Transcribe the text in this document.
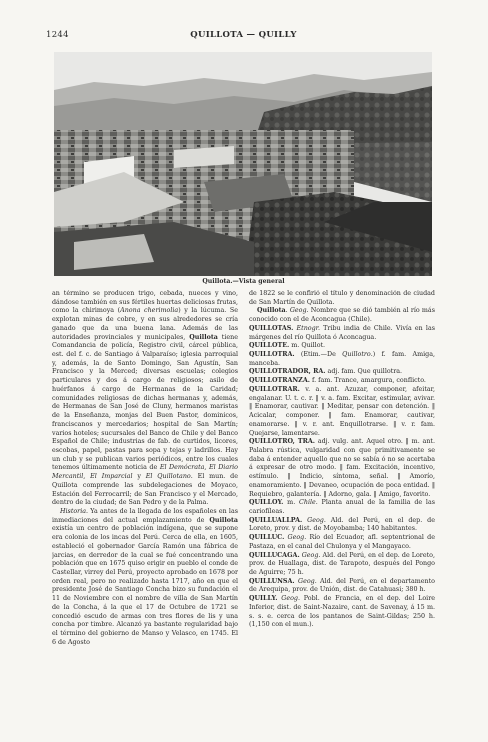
1244	QUILLOTA — QUILLY
Quillota.—Vista general

an término se producen trigo, cebada, nueces y vino, dándose también en sus fértiles huertas deliciosas frutas, como la chirimoya (Anona cherimolia) y la lúcuma. Se explotan minas de cobre, y en sus alrededores se cría ganado que da una buena lana. Además de las autoridades provinciales y municipales, Quillota tiene Comandancia de policía, Registro civil, cárcel pública, est. del f. c. de Santiago á Valparaíso; iglesia parroquial y, además, la de Santo Domingo, San Agustín, San Francisco y la Merced; diversas escuelas; colegios particulares y dos á cargo de religiosos; asilo de huérfanos á cargo de Hermanas de la Caridad; comunidades religiosas de dichas hermanas y, además, de Hermanas de San José de Cluny, hermanos maristas de la Enseñanza, monjas del Buen Pastor, dominicos, franciscanos y mercedarios; hospital de San Martín; varios hoteles; sucursales del Banco de Chile y del Banco Español de Chile; industrias de fab. de curtidos, licores, escobas, papel, pastas para sopa y tejas y ladrillos. Hay un club y se publican varios periódicos, entre los cuales tenemos últimamente noticia de El Demócrata, El Diario Mercantil, El Imparcial y El Quillotano. El mun. de Quillota comprende las subdelegaciones de Moyaco, Estación del Ferrocarril; de San Francisco y el Mercado, dentro de la ciudad; de San Pedro y de la Palma.

Historia. Ya antes de la llegada de los españoles en las inmediaciones del actual emplazamiento de Quillota existía un centro de población indígena, que se supone era colonia de los incas del Perú. Cerca de ella, en 1605, estableció el gobernador García Ramón una fábrica de jarcias, en derredor de la cual se fué concentrando una población que en 1675 quiso erigir en pueblo el conde de Castellar, virrey del Perú, proyecto aprobado en 1678 por orden real, pero no realizado hasta 1717, año en que el presidente José de Santiago Concha bizo su fundación el 11 de Noviembre con el nombre de villa de San Martín de la Concha, á la que el 17 de Octubre de 1721 se concedió escudo de armas con tres flores de lis y una concha por timbre. Alcanzó ya bastante regularidad bajo el término del gobierno de Manso y Velasco, en 1745. El 6 de Agosto

de 1822 se le confirió el título y denominación de ciudad de San Martín de Quillota.

Quillota. Geog. Nombre que se dió también al río más conocido con el de Aconcagua (Chile).

QUILLOTAS. Etnogr. Tribu india de Chile. Vivía en las márgenes del río Quillota ó Aconcagua.

QUILLOTE. m. Quillot.

QUILLOTRA. (Etim.—De Quillotro.) f. fam. Amiga, manceba.

QUILLOTRADOR, RA. adj. fam. Que quillotra.

QUILLOTRANZA. f. fam. Trance, amargura, conflicto.

QUILLOTRAR. v. a. ant. Azuzar, componer, afeitar, engalanar. U. t. c. r. ‖ v. a. fam. Excitar, estimular, avivar. ‖ Enamorar, cautivar. ‖ Meditar, pensar con detención. ‖ Acicalar, componer. ‖ fam. Enamorar, cautivar, enamorarse. ‖ v. r. ant. Enquillotrarse. ‖ v. r. fam. Quejarse, lamentarse.

QUILLOTRO, TRA. adj. vulg. ant. Aquel otro. ‖ m. ant. Palabra rústica, vulgaridad con que primitivamente se daba á entender aquello que no se sabía ó no se acertaba á expresar de otro modo. ‖ fam. Excitación, incentivo, estímulo. ‖ Indicio, síntoma, señal. ‖ Amorío, enamoramiento. ‖ Devaneo, ocupación de poca entidad. ‖ Requiebro, galantería. ‖ Adorno, gala. ‖ Amigo, favorito.

QUILLOY. m. Chile. Planta anual de la familia de las cariofíleas.

QUILLUALLPA. Geog. Ald. del Perú, en el dep. de Loreto, prov. y dist. de Moyobamba; 140 habitantes.

QUILLUC. Geog. Río del Ecuador, afl. septentrional de Pastaza, en el canal del Chulonya y el Mangayaco.

QUILLUCAGA. Geog. Ald. del Perú, en el dep. de Loreto, prov. de Huallaga, dist. de Tarapoto, después del Pongo de Aguirre; 75 h.

QUILLUNSA. Geog. Ald. del Perú, en el departamento de Arequipa, prov. de Unión, dist. de Catahuasi; 380 h.

QUILLY. Geog. Pobl. de Francia, en el dep. del Loire Inferior, dist. de Saint-Nazaire, cant. de Savenay, á 15 m. s. s. e. cerca de los pantanos de Saint-Gildas; 250 h. (1,150 con el mun.).
